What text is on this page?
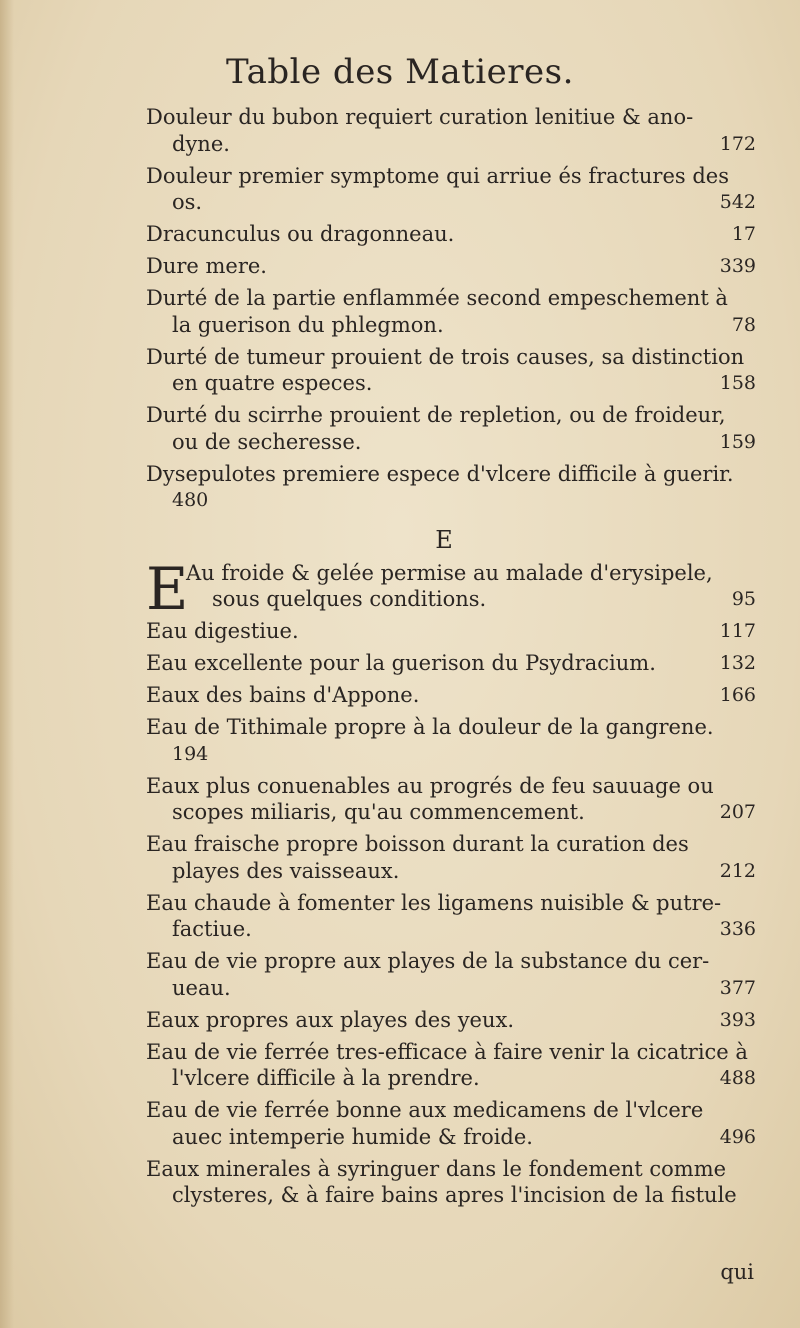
Table des Matieres.
Douleur du bubon requiert curation lenitiue & ano-
dyne.	172
Douleur premier symptome qui arriue és fractures des
os.	542
Dracunculus ou dragonneau.	17
Dure mere.	339
Durté de la partie enflammée second empeschement à
la guerison du phlegmon.	78
Durté de tumeur prouient de trois causes, sa distinction
en quatre especes.	158
Durté du scirrhe prouient de repletion, ou de froideur,
ou de secheresse.	159
Dysepulotes premiere espece d'vlcere difficile à guerir.
480
E
E
Au froide & gelée permise au malade d'erysipele,
sous quelques conditions.	95
Eau digestiue.	117
Eau excellente pour la guerison du Psydracium.	132
Eaux des bains d'Appone.	166
Eau de Tithimale propre à la douleur de la gangrene.
194
Eaux plus conuenables au progrés de feu sauuage ou
scopes miliaris, qu'au commencement.	207
Eau fraische propre boisson durant la curation des
playes des vaisseaux.	212
Eau chaude à fomenter les ligamens nuisible & putre-
factiue.	336
Eau de vie propre aux playes de la substance du cer-
ueau.	377
Eaux propres aux playes des yeux.	393
Eau de vie ferrée tres-efficace à faire venir la cicatrice à
l'vlcere difficile à la prendre.	488
Eau de vie ferrée bonne aux medicamens de l'vlcere
auec intemperie humide & froide.	496
Eaux minerales à syringuer dans le fondement comme
clysteres, & à faire bains apres l'incision de la fistule
qui
